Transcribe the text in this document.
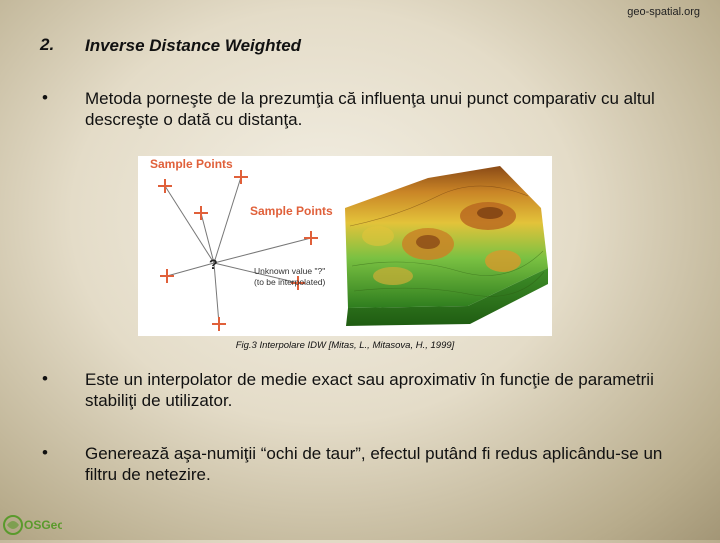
geo-spatial.org
2. Inverse Distance Weighted
• Metoda porneşte de la prezumţia că influenţa unui punct comparativ cu altul descreşte o dată cu distanţa.
Sample Points
Sample Points
?	Unknown value "?"
(to be interpolated)
Fig.3 Interpolare IDW [Mitas, L., Mitasova, H., 1999]
• Este un interpolator de medie exact sau aproximativ în funcţie de parametrii stabiliţi de utilizator.
• Generează aşa-numiţii “ochi de taur”, efectul putând fi redus aplicându-se un filtru de netezire.
OSGeo
